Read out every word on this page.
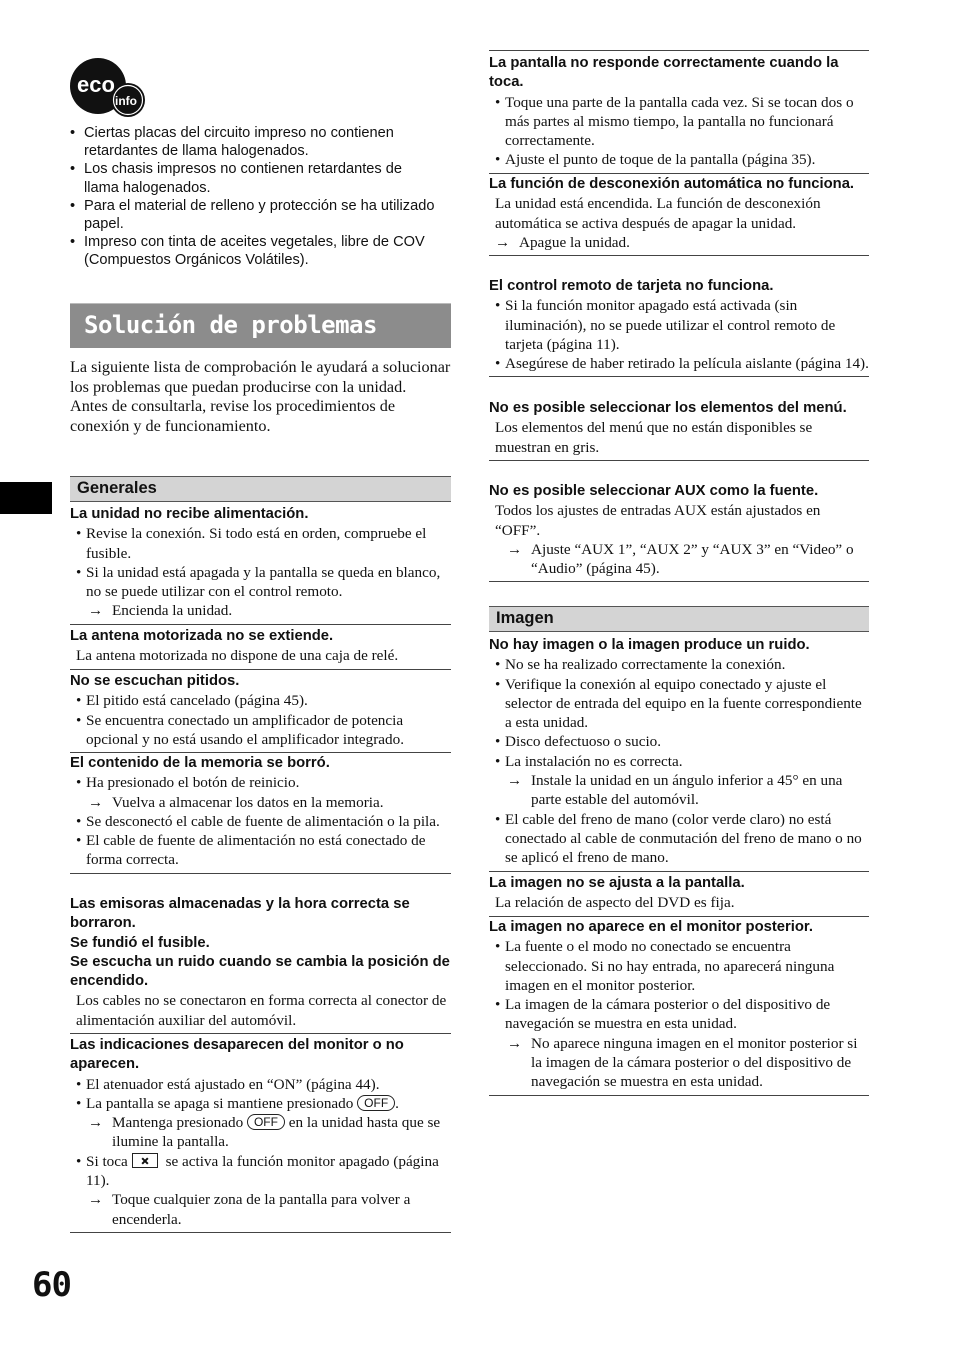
eco
info
• Ciertas placas del circuito impreso no contienen retardantes de llama halogenados.
• Los chasis impresos no contienen retardantes de llama halogenados.
• Para el material de relleno y protección se ha utilizado papel.
• Impreso con tinta de aceites vegetales, libre de COV (Compuestos Orgánicos Volátiles).
Solución de problemas

La siguiente lista de comprobación le ayudará a solucionar los problemas que puedan producirse con la unidad.

Antes de consultarla, revise los procedimientos de conexión y de funcionamiento.

Generales

La unidad no recibe alimentación.

• Revise la conexión. Si todo está en orden, compruebe el fusible.

• Si la unidad está apagada y la pantalla se queda en blanco, no se puede utilizar con el control remoto.

→ Encienda la unidad.

La antena motorizada no se extiende.

La antena motorizada no dispone de una caja de relé.

No se escuchan pitidos.

• El pitido está cancelado (página 45).

• Se encuentra conectado un amplificador de potencia opcional y no está usando el amplificador integrado.

El contenido de la memoria se borró.

• Ha presionado el botón de reinicio.

→ Vuelva a almacenar los datos en la memoria.

• Se desconectó el cable de fuente de alimentación o la pila.

• El cable de fuente de alimentación no está conectado de forma correcta.

Las emisoras almacenadas y la hora correcta se borraron.

Se fundió el fusible.

Se escucha un ruido cuando se cambia la posición de encendido.

Los cables no se conectaron en forma correcta al conector de alimentación auxiliar del automóvil.

Las indicaciones desaparecen del monitor o no aparecen.

• El atenuador está ajustado en “ON” (página 44).

• La pantalla se apaga si mantiene presionado OFF .

→ Mantenga presionado OFF en la unidad hasta que se ilumine la pantalla.

• Si toca se activa la función monitor apagado (página 11).

→ Toque cualquier zona de la pantalla para volver a encenderla.

La pantalla no responde correctamente cuando la toca.

• Toque una parte de la pantalla cada vez. Si se tocan dos o más partes al mismo tiempo, la pantalla no funcionará correctamente.

• Ajuste el punto de toque de la pantalla (página 35).

La función de desconexión automática no funciona.

La unidad está encendida. La función de desconexión automática se activa después de apagar la unidad.

→ Apague la unidad.

El control remoto de tarjeta no funciona.

• Si la función monitor apagado está activada (sin iluminación), no se puede utilizar el control remoto de tarjeta (página 11).

• Asegúrese de haber retirado la película aislante (página 14).

No es posible seleccionar los elementos del menú.

Los elementos del menú que no están disponibles se muestran en gris.

No es posible seleccionar AUX como la fuente.

Todos los ajustes de entradas AUX están ajustados en “OFF”.

→ Ajuste “AUX 1”, “AUX 2” y “AUX 3” en “Video” o “Audio” (página 45).

Imagen

No hay imagen o la imagen produce un ruido.

• No se ha realizado correctamente la conexión.

• Verifique la conexión al equipo conectado y ajuste el selector de entrada del equipo en la fuente correspondiente a esta unidad.

• Disco defectuoso o sucio.

• La instalación no es correcta.

→ Instale la unidad en un ángulo inferior a 45° en una parte estable del automóvil.

• El cable del freno de mano (color verde claro) no está conectado al cable de conmutación del freno de mano o no se aplicó el freno de mano.

La imagen no se ajusta a la pantalla.

La relación de aspecto del DVD es fija.

La imagen no aparece en el monitor posterior.

• La fuente o el modo no conectado se encuentra seleccionado. Si no hay entrada, no aparecerá ninguna imagen en el monitor posterior.

• La imagen de la cámara posterior o del dispositivo de navegación se muestra en esta unidad.

→ No aparece ninguna imagen en el monitor posterior si la imagen de la cámara posterior o del dispositivo de navegación se muestra en esta unidad.

60
